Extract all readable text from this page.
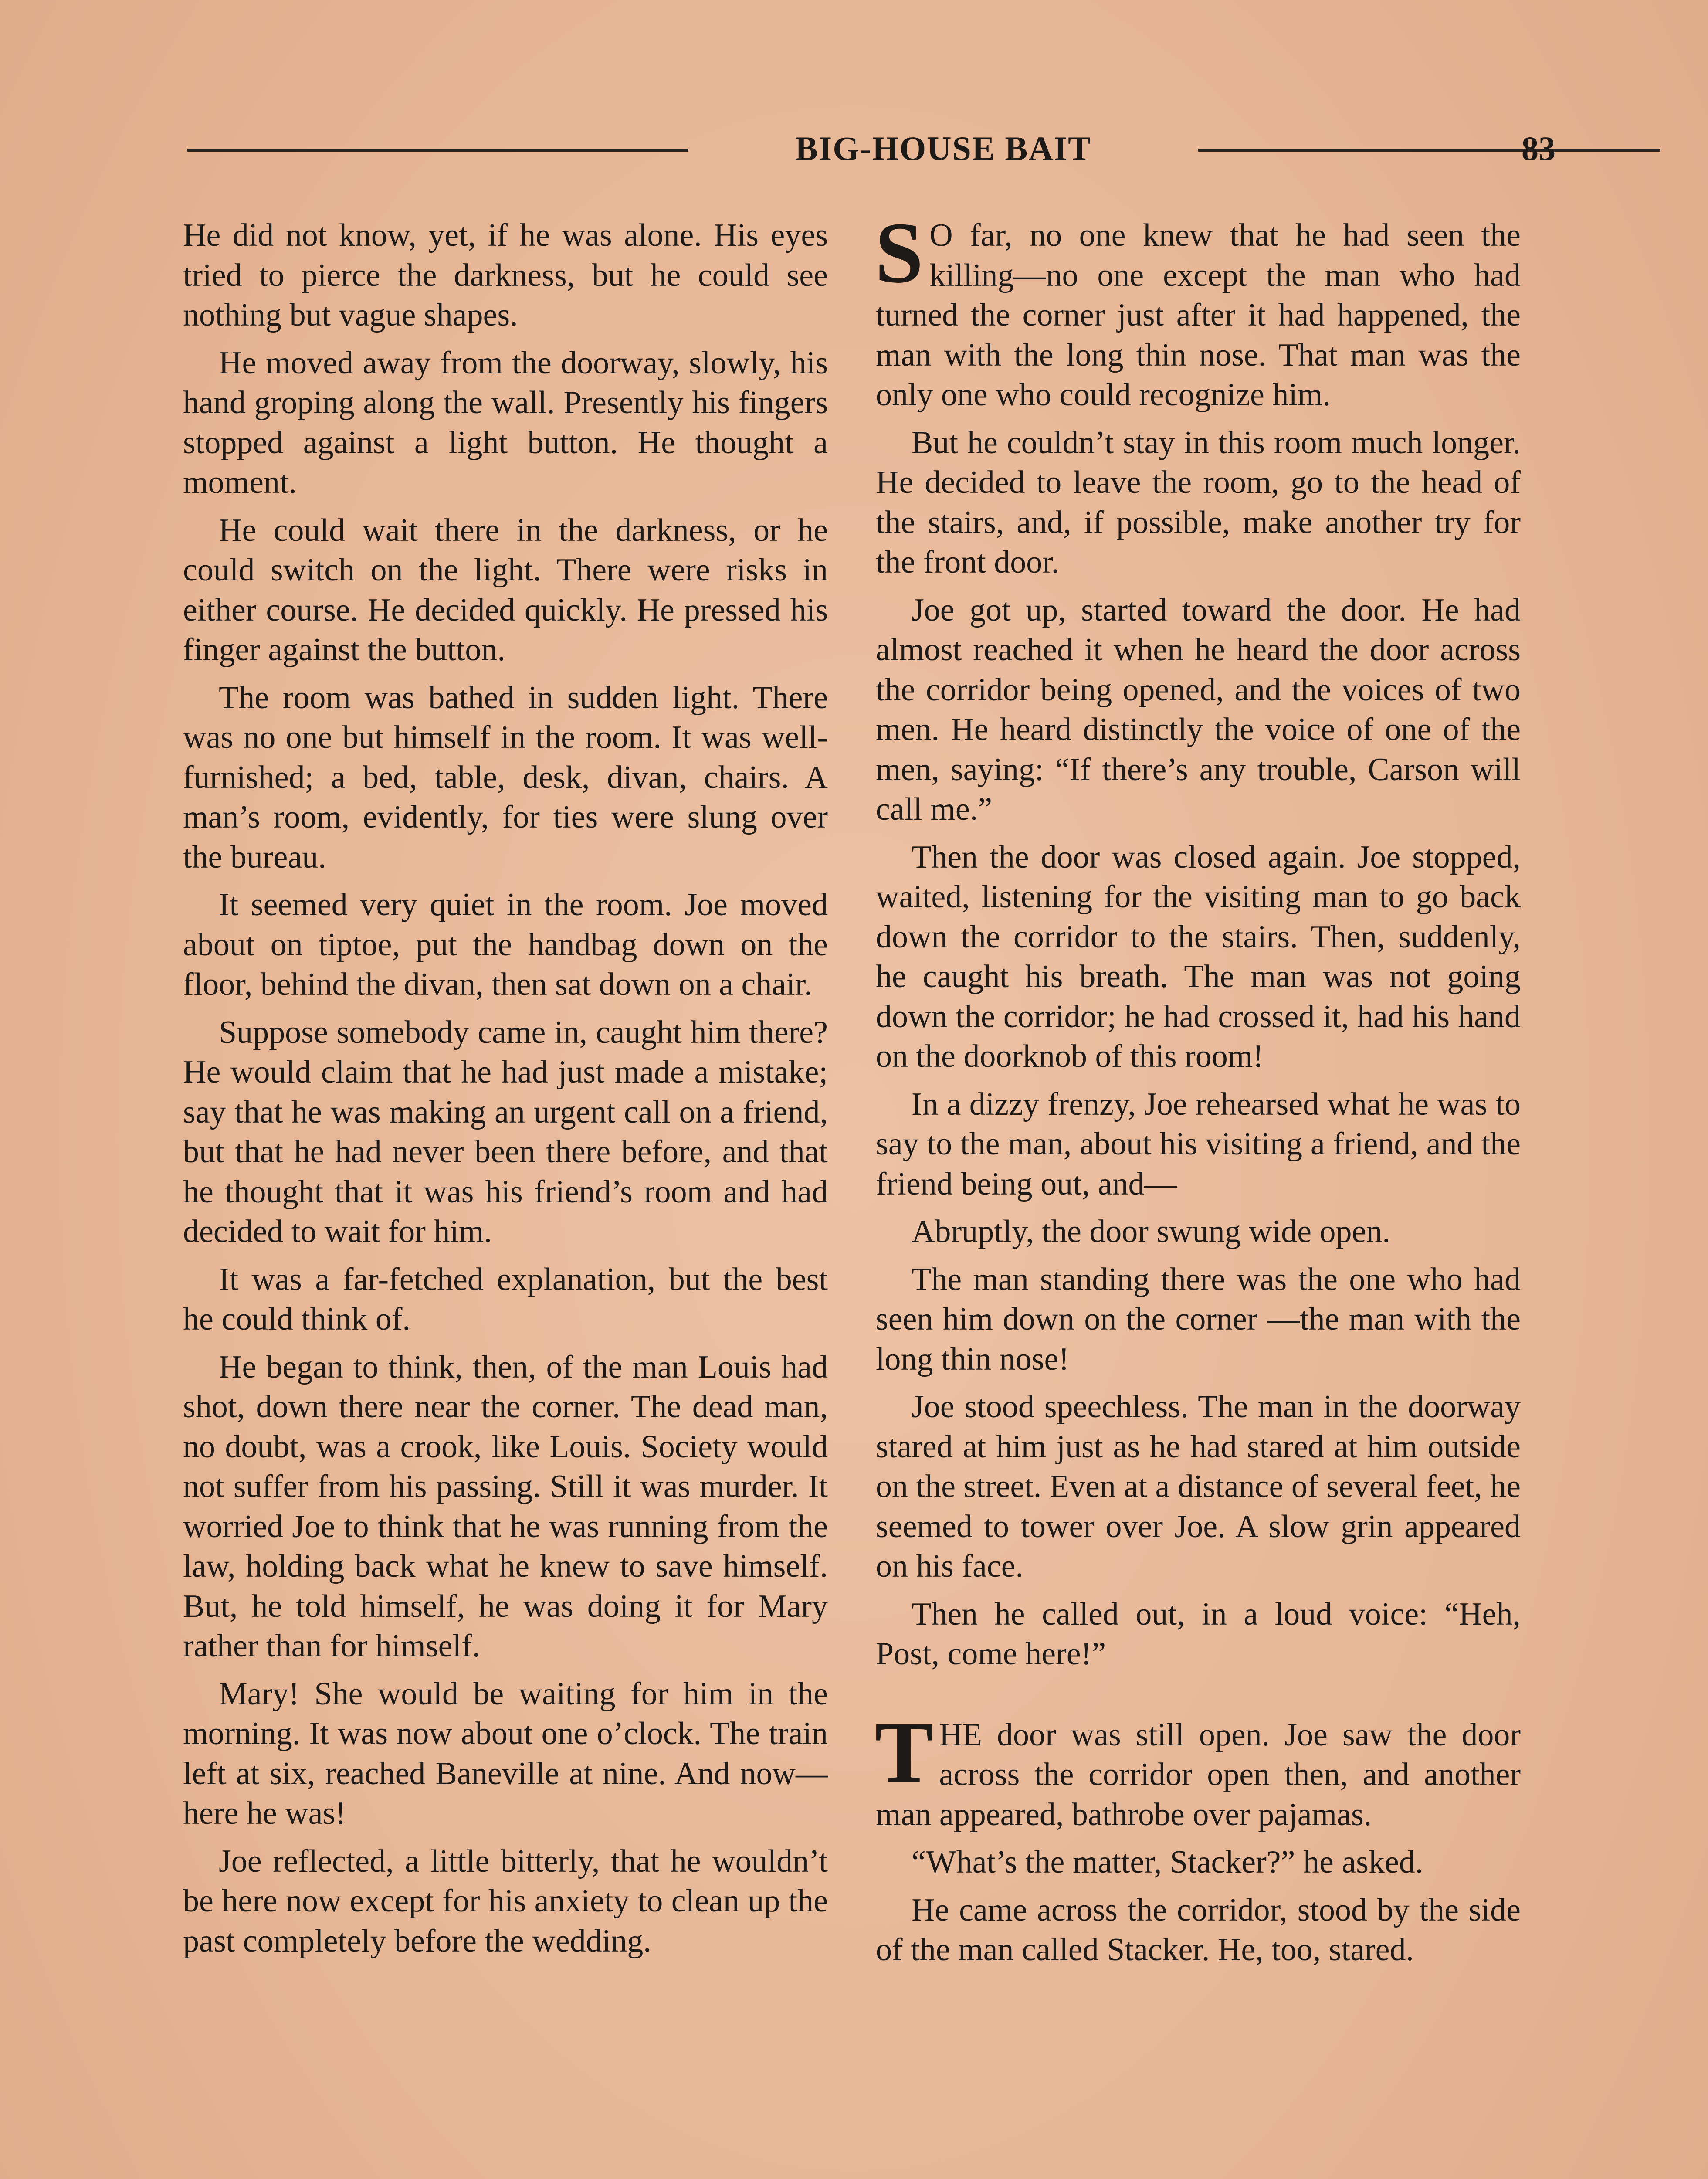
BIG-HOUSE BAIT	83

He did not know, yet, if he was alone. His eyes tried to pierce the darkness, but he could see nothing but vague shapes.

He moved away from the doorway, slowly, his hand groping along the wall. Presently his fingers stopped against a light button. He thought a moment.

He could wait there in the darkness, or he could switch on the light. There were risks in either course. He decided quickly. He pressed his finger against the button.

The room was bathed in sudden light. There was no one but himself in the room. It was well-furnished; a bed, table, desk, divan, chairs. A man’s room, evidently, for ties were slung over the bureau.

It seemed very quiet in the room. Joe moved about on tiptoe, put the handbag down on the floor, behind the divan, then sat down on a chair.

Suppose somebody came in, caught him there? He would claim that he had just made a mistake; say that he was making an urgent call on a friend, but that he had never been there before, and that he thought that it was his friend’s room and had decided to wait for him.

It was a far-fetched explanation, but the best he could think of.

He began to think, then, of the man Louis had shot, down there near the corner. The dead man, no doubt, was a crook, like Louis. Society would not suffer from his passing. Still it was murder. It worried Joe to think that he was running from the law, holding back what he knew to save himself. But, he told himself, he was doing it for Mary rather than for himself.

Mary! She would be waiting for him in the morning. It was now about one o’clock. The train left at six, reached Baneville at nine. And now—here he was!

Joe reflected, a little bitterly, that he wouldn’t be here now except for his anxiety to clean up the past completely before the wedding.

S O far, no one knew that he had seen the killing—no one except the man who had turned the corner just after it had happened, the man with the long thin nose. That man was the only one who could recognize him.

But he couldn’t stay in this room much longer. He decided to leave the room, go to the head of the stairs, and, if possible, make another try for the front door.

Joe got up, started toward the door. He had almost reached it when he heard the door across the corridor being opened, and the voices of two men. He heard distinctly the voice of one of the men, saying: “If there’s any trouble, Carson will call me.”

Then the door was closed again. Joe stopped, waited, listening for the visiting man to go back down the corridor to the stairs. Then, suddenly, he caught his breath. The man was not going down the corridor; he had crossed it, had his hand on the doorknob of this room!

In a dizzy frenzy, Joe rehearsed what he was to say to the man, about his visiting a friend, and the friend being out, and—

Abruptly, the door swung wide open.

The man standing there was the one who had seen him down on the corner —the man with the long thin nose!

Joe stood speechless. The man in the doorway stared at him just as he had stared at him outside on the street. Even at a distance of several feet, he seemed to tower over Joe. A slow grin appeared on his face.

Then he called out, in a loud voice: “Heh, Post, come here!”

THE door was still open. Joe saw the door across the corridor open then, and another man appeared, bathrobe over pajamas.

“What’s the matter, Stacker?” he asked.

He came across the corridor, stood by the side of the man called Stacker. He, too, stared.
